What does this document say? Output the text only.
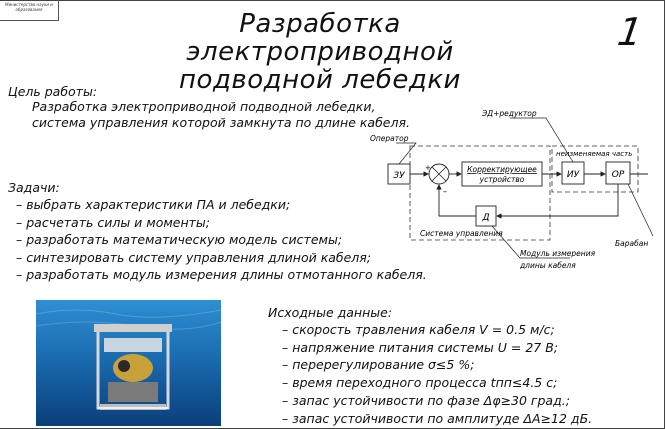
Министерство науки и образования
1
Разработка электроприводной
подводной лебедки
Цель работы:
Разработка электроприводной подводной лебедки,
система управления которой замкнута по длине кабеля.
Задачи:
– выбрать характеристики ПА и лебедки;
– расчетать силы и моменты;
– разработать математическую модель системы;
– синтезировать систему управления длиной кабеля;
– разработать модуль измерения длины отмотанного кабеля.
ЗУ
+
–
Корректирующее
устройство	ИУ	ОР
Д
ЭД+редуктор
Оператор
неизменяемая часть
Система управления
Модуль измерения
длины кабеля
Барабан
Исходные данные:
– скорость травления кабеля V = 0.5 м/с;
– напряжение питания системы U = 27 В;
– перерегулирование σ≤5 %;
– время переходного процесса tпп≤4.5 с;
– запас устойчивости по фазе Δφ≥30 град.;
– запас устойчивости по амплитуде ΔA≥12 дБ.
